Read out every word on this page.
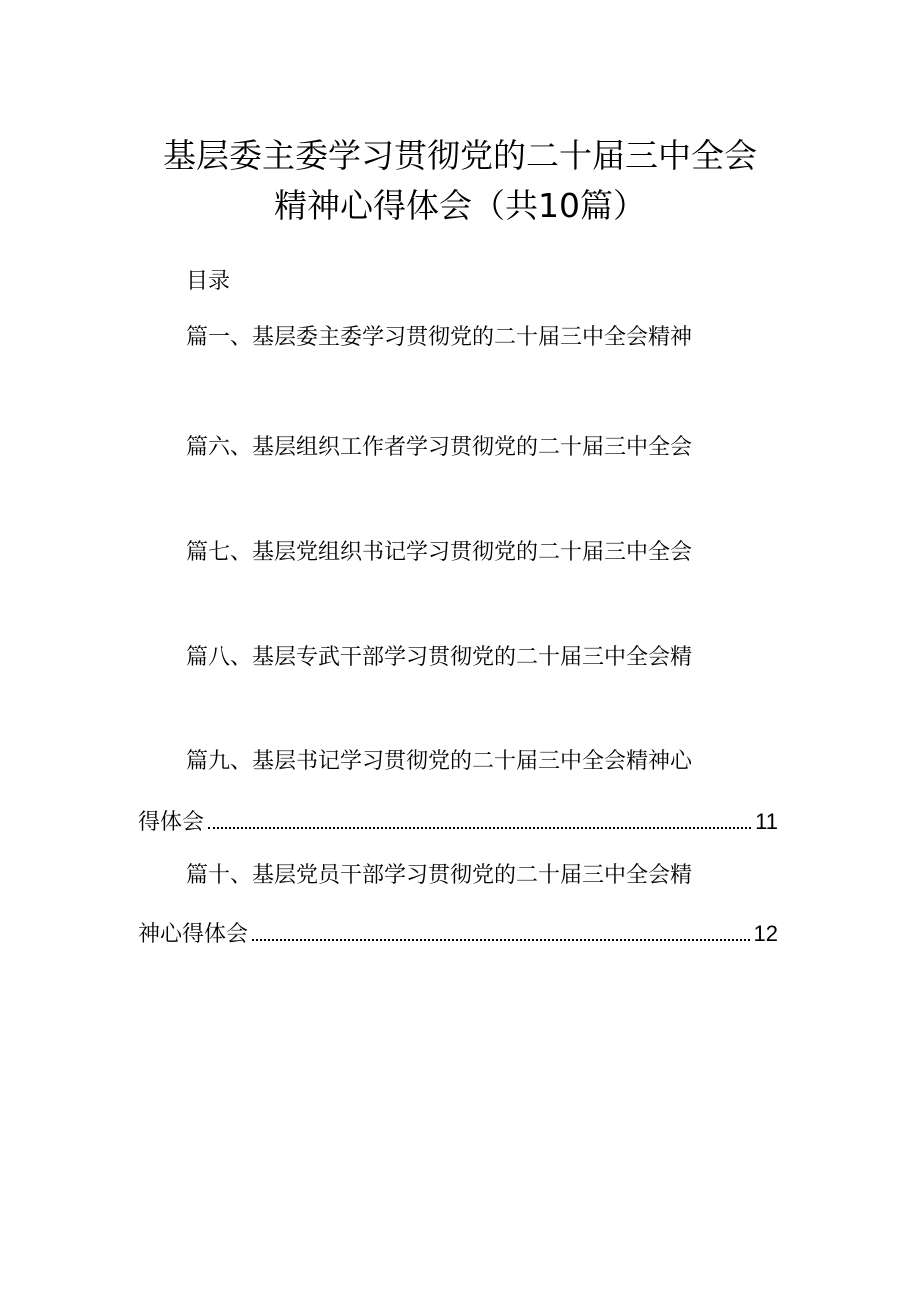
基层委主委学习贯彻党的二十届三中全会
精神心得体会（共10篇）
目录
篇一、基层委主委学习贯彻党的二十届三中全会精神
篇六、基层组织工作者学习贯彻党的二十届三中全会
篇七、基层党组织书记学习贯彻党的二十届三中全会
篇八、基层专武干部学习贯彻党的二十届三中全会精
篇九、基层书记学习贯彻党的二十届三中全会精神心
得体会	11
篇十、基层党员干部学习贯彻党的二十届三中全会精
神心得体会	12
